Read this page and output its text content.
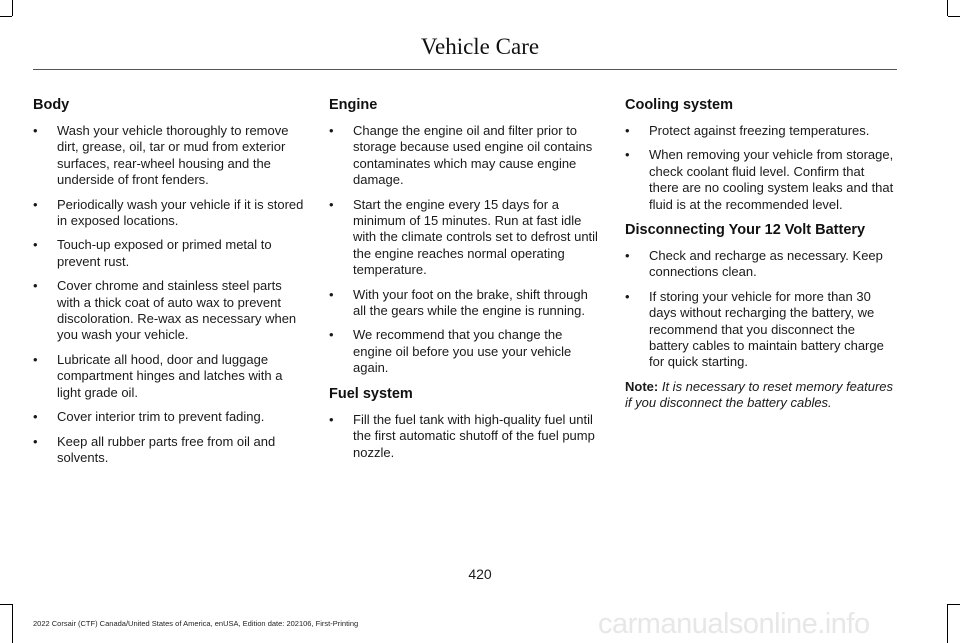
Vehicle Care
Body
• Wash your vehicle thoroughly to remove dirt, grease, oil, tar or mud from exterior surfaces, rear-wheel housing and the underside of front fenders.
• Periodically wash your vehicle if it is stored in exposed locations.
• Touch-up exposed or primed metal to prevent rust.
• Cover chrome and stainless steel parts with a thick coat of auto wax to prevent discoloration. Re-wax as necessary when you wash your vehicle.
• Lubricate all hood, door and luggage compartment hinges and latches with a light grade oil.
• Cover interior trim to prevent fading.
• Keep all rubber parts free from oil and solvents.
Engine
• Change the engine oil and filter prior to storage because used engine oil contains contaminates which may cause engine damage.
• Start the engine every 15 days for a minimum of 15 minutes. Run at fast idle with the climate controls set to defrost until the engine reaches normal operating temperature.
• With your foot on the brake, shift through all the gears while the engine is running.
• We recommend that you change the engine oil before you use your vehicle again.
Fuel system
• Fill the fuel tank with high-quality fuel until the first automatic shutoff of the fuel pump nozzle.
Cooling system
• Protect against freezing temperatures.
• When removing your vehicle from storage, check coolant fluid level. Confirm that there are no cooling system leaks and that fluid is at the recommended level.
Disconnecting Your 12 Volt Battery
• Check and recharge as necessary. Keep connections clean.
• If storing your vehicle for more than 30 days without recharging the battery, we recommend that you disconnect the battery cables to maintain battery charge for quick starting.
Note: It is necessary to reset memory features if you disconnect the battery cables.
420
2022 Corsair (CTF) Canada/United States of America, enUSA, Edition date: 202106, First-Printing	carmanualsonline.info
